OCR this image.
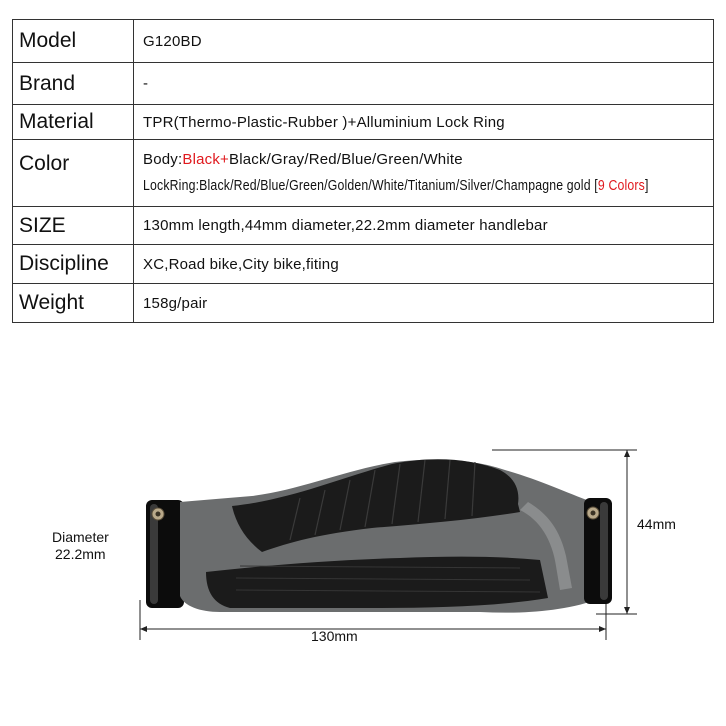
Model	G120BD
Brand	-
Material	TPR(Thermo-Plastic-Rubber )+Alluminium Lock Ring
Color	Body:Black+Black/Gray/Red/Blue/Green/White
LockRing:Black/Red/Blue/Green/Golden/White/Titanium/Silver/Champagne gold [9 Colors]

SIZE	130mm length,44mm diameter,22.2mm diameter handlebar
Discipline	XC,Road bike,City bike,fiting
Weight	158g/pair
Diameter
22.2mm
44mm
130mm
